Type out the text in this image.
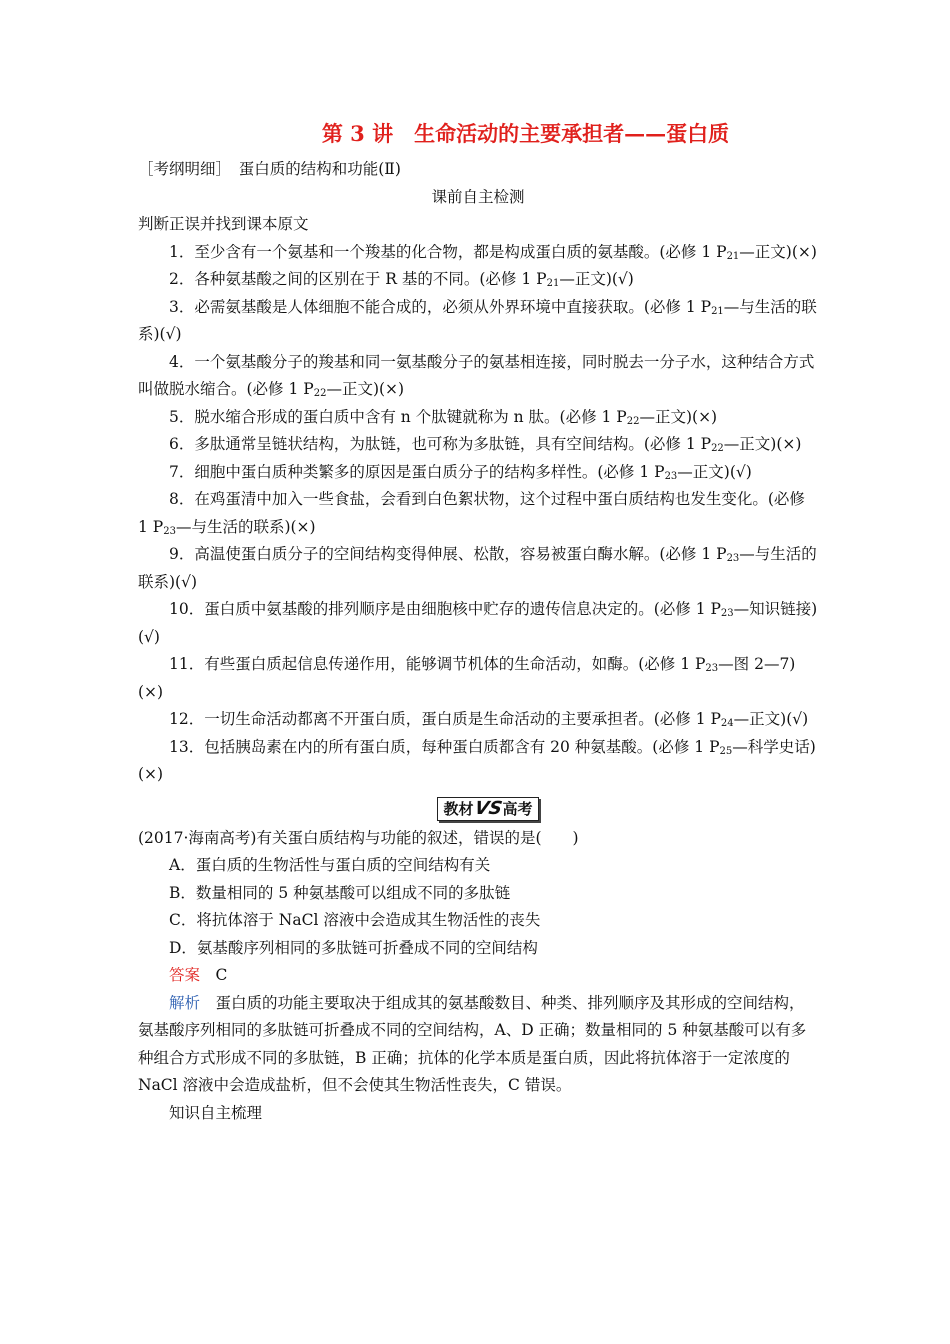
第 3 讲　生命活动的主要承担者——蛋白质

［考纲明细］　蛋白质的结构和功能(Ⅱ)

课前自主检测

判断正误并找到课本原文

1．至少含有一个氨基和一个羧基的化合物，都是构成蛋白质的氨基酸。(必修 1 $P_{21}—$正文)(×)

2．各种氨基酸之间的区别在于 R 基的不同。(必修 1 $P_{21}—$正文)(√)

3．必需氨基酸是人体细胞不能合成的，必须从外界环境中直接获取。(必修 1 $P_{21}—$与生活的联系)(√)

4．一个氨基酸分子的羧基和同一氨基酸分子的氨基相连接，同时脱去一分子水，这种结合方式叫做脱水缩合。(必修 1 $P_{22}—$正文)(×)

5．脱水缩合形成的蛋白质中含有 n 个肽键就称为 n 肽。(必修 1 $P_{22}—$正文)(×)

6．多肽通常呈链状结构，为肽链，也可称为多肽链，具有空间结构。(必修 1 $P_{22}—$正文)(×)

7．细胞中蛋白质种类繁多的原因是蛋白质分子的结构多样性。(必修 1 $P_{23}—$正文)(√)

8．在鸡蛋清中加入一些食盐，会看到白色絮状物，这个过程中蛋白质结构也发生变化。(必修 1 $P_{23}—$与生活的联系)(×)

9．高温使蛋白质分子的空间结构变得伸展、松散，容易被蛋白酶水解。(必修 1 $P_{23}—$与生活的联系)(√)

10．蛋白质中氨基酸的排列顺序是由细胞核中贮存的遗传信息决定的。(必修 1 $P_{23}—$知识链接)(√)

11．有些蛋白质起信息传递作用，能够调节机体的生命活动，如酶。(必修 1 $P_{23}—$图 2—7)(×)

12．一切生命活动都离不开蛋白质，蛋白质是生命活动的主要承担者。(必修 1 $P_{24}—$正文)(√)

13．包括胰岛素在内的所有蛋白质，每种蛋白质都含有 20 种氨基酸。(必修 1 $P_{25}—$科学史话)(×)

教材 VS 高考

(2017·海南高考)有关蛋白质结构与功能的叙述，错误的是(　　)

A．蛋白质的生物活性与蛋白质的空间结构有关

B．数量相同的 5 种氨基酸可以组成不同的多肽链

C．将抗体溶于 NaCl 溶液中会造成其生物活性的丧失

D．氨基酸序列相同的多肽链可折叠成不同的空间结构

答案　 C

解析　 蛋白质的功能主要取决于组成其的氨基酸数目、种类、排列顺序及其形成的空间结构，氨基酸序列相同的多肽链可折叠成不同的空间结构，A、D 正确；数量相同的 5 种氨基酸可以有多种组合方式形成不同的多肽链，B 正确；抗体的化学本质是蛋白质，因此将抗体溶于一定浓度的 NaCl 溶液中会造成盐析，但不会使其生物活性丧失，C 错误。

知识自主梳理
